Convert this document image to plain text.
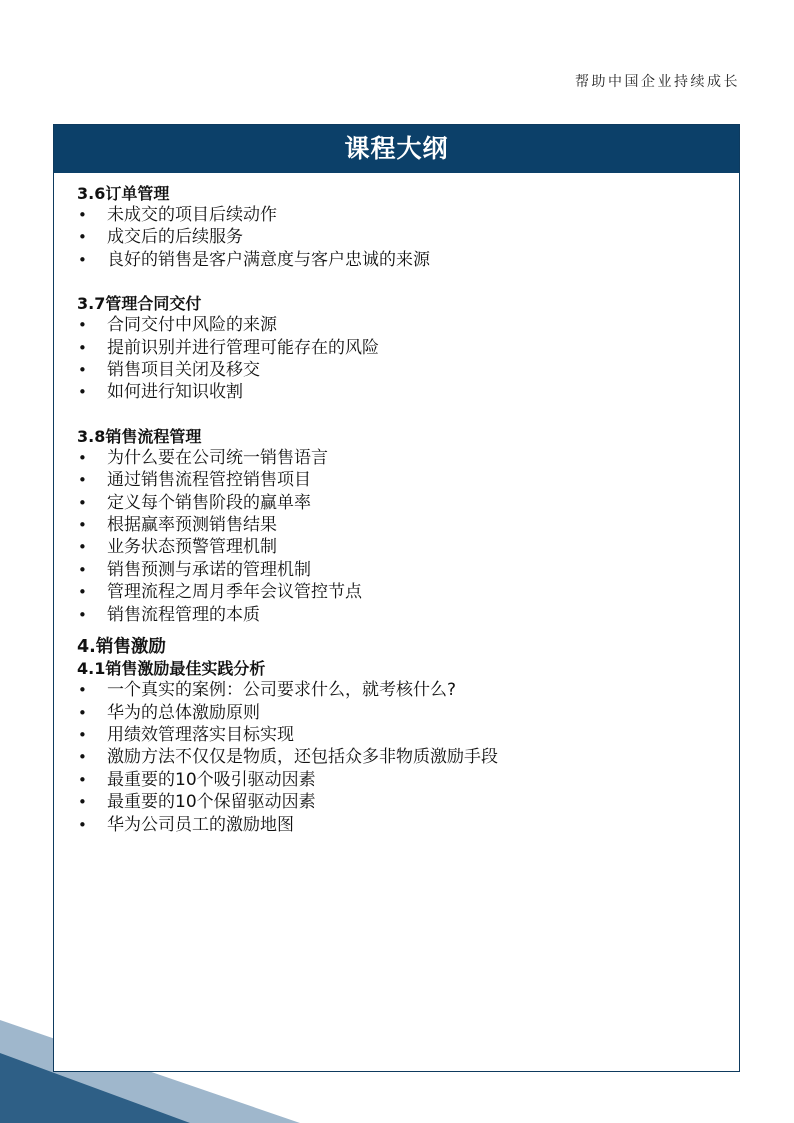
帮助中国企业持续成长
课程大纲
3.6订单管理
• 未成交的项目后续动作
• 成交后的后续服务
• 良好的销售是客户满意度与客户忠诚的来源
3.7管理合同交付
• 合同交付中风险的来源
• 提前识别并进行管理可能存在的风险
• 销售项目关闭及移交
• 如何进行知识收割
3.8销售流程管理
• 为什么要在公司统一销售语言
• 通过销售流程管控销售项目
• 定义每个销售阶段的赢单率
• 根据赢率预测销售结果
• 业务状态预警管理机制
• 销售预测与承诺的管理机制
• 管理流程之周月季年会议管控节点
• 销售流程管理的本质
4.销售激励
4.1销售激励最佳实践分析
• 一个真实的案例：公司要求什么，就考核什么?
• 华为的总体激励原则
• 用绩效管理落实目标实现
• 激励方法不仅仅是物质，还包括众多非物质激励手段
• 最重要的10个吸引驱动因素
• 最重要的10个保留驱动因素
• 华为公司员工的激励地图
